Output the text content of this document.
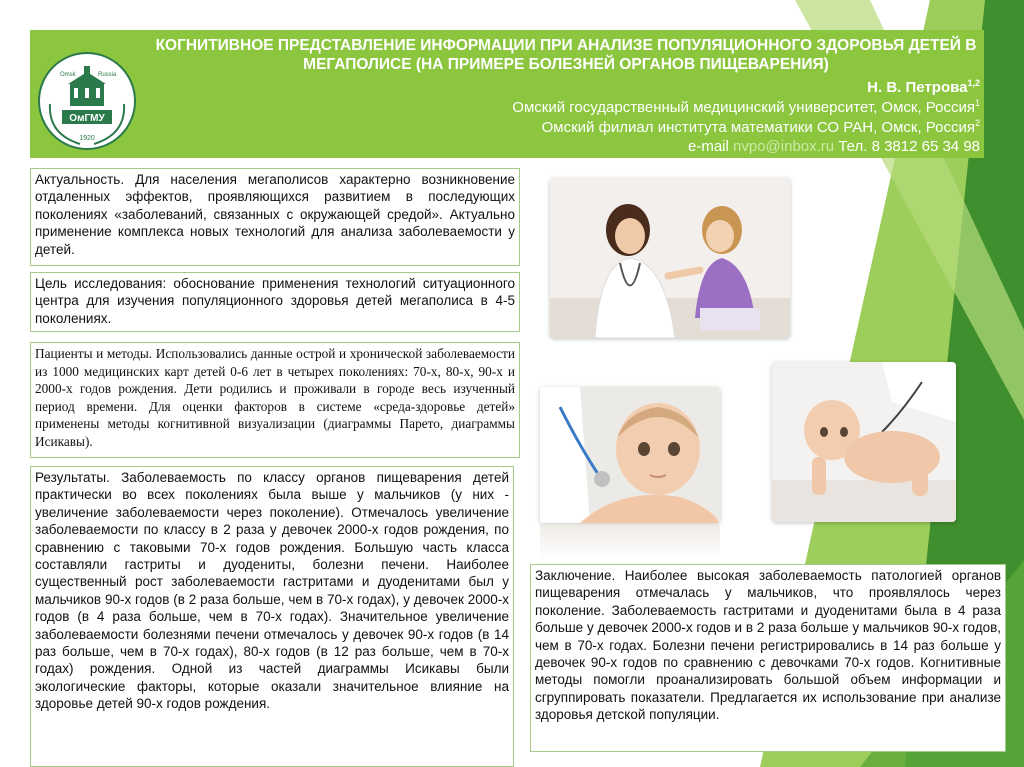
Omsk	Russia
ОмГМУ
1920
КОГНИТИВНОЕ ПРЕДСТАВЛЕНИЕ ИНФОРМАЦИИ ПРИ АНАЛИЗЕ ПОПУЛЯЦИОННОГО ЗДОРОВЬЯ ДЕТЕЙ В МЕГАПОЛИСЕ (НА ПРИМЕРЕ БОЛЕЗНЕЙ ОРГАНОВ ПИЩЕВАРЕНИЯ)
Н. В. Петрова$^{1,2}$
Омский государственный медицинский университет, Омск, Россия$^1$
Омский филиал института математики СО РАН, Омск, Россия$^2$
e-mail nvpo@inbox.ru Тел. 8 3812 65 34 98
Актуальность. Для населения мегаполисов характерно возникновение отдаленных эффектов, проявляющихся развитием в последующих поколениях «заболеваний, связанных с окружающей средой». Актуально применение комплекса новых технологий для анализа заболеваемости у детей.
Цель исследования: обоснование применения технологий ситуационного центра для изучения популяционного здоровья детей мегаполиса в 4-5 поколениях.
Пациенты и методы. Использовались данные острой и хронической заболеваемости из 1000 медицинских карт детей 0-6 лет в четырех поколениях: 70-х, 80-х, 90-х и 2000-х годов рождения. Дети родились и проживали в городе весь изученный период времени. Для оценки факторов в системе «среда-здоровье детей» применены методы когнитивной визуализации (диаграммы Парето, диаграммы Исикавы).
Результаты. Заболеваемость по классу органов пищеварения детей практически во всех поколениях была выше у мальчиков (у них - увеличение заболеваемости через поколение). Отмечалось увеличение заболеваемости по классу в 2 раза у девочек 2000-х годов рождения, по сравнению с таковыми 70-х годов рождения. Большую часть класса составляли гастриты и дуодениты, болезни печени. Наиболее существенный рост заболеваемости гастритами и дуоденитами был у мальчиков 90-х годов (в 2 раза больше, чем в 70-х годах), у девочек 2000-х годов (в 4 раза больше, чем в 70-х годах). Значительное увеличение заболеваемости болезнями печени отмечалось у девочек 90-х годов (в 14 раз больше, чем в 70-х годах), 80-х годов (в 12 раз больше, чем в 70-х годах) рождения. Одной из частей диаграммы Исикавы были экологические факторы, которые оказали значительное влияние на здоровье детей 90-х годов рождения.
Заключение. Наиболее высокая заболеваемость патологией органов пищеварения отмечалась у мальчиков, что проявлялось через поколение. Заболеваемость гастритами и дуоденитами была в 4 раза больше у девочек 2000-х годов и в 2 раза больше у мальчиков 90-х годов, чем в 70-х годах. Болезни печени регистрировались в 14 раз больше у девочек 90-х годов по сравнению с девочками 70-х годов. Когнитивные методы помогли проанализировать большой объем информации и сгруппировать показатели. Предлагается их использование при анализе здоровья детской популяции.
